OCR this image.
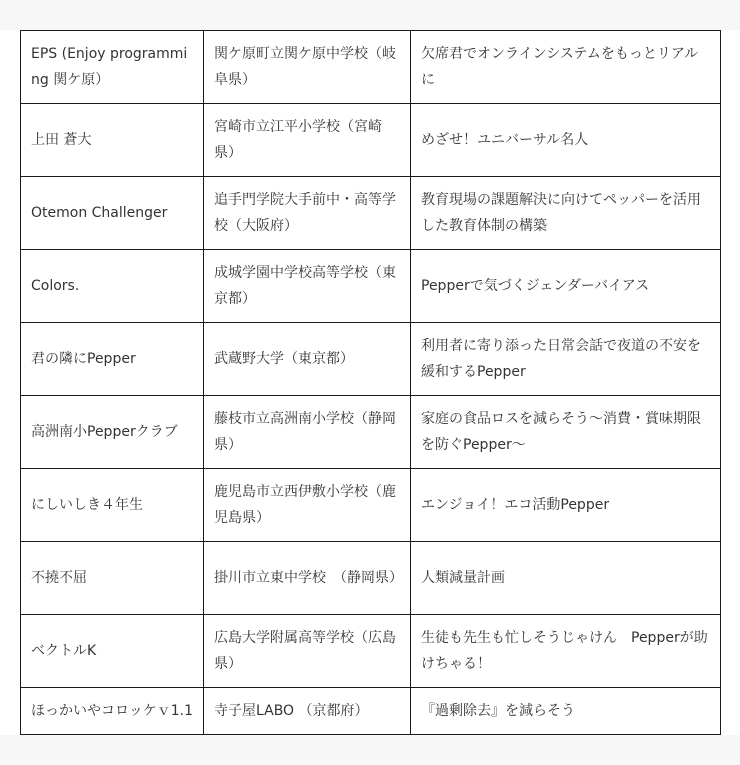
EPS (Enjoy programming 関ケ原）	関ケ原町立関ケ原中学校（岐阜県）	欠席君でオンラインシステムをもっとリアルに
上田 蒼大	宮崎市立江平小学校（宮崎県）	めざせ！ユニバーサル名人
Otemon Challenger	追手門学院大手前中・高等学校（大阪府）	教育現場の課題解決に向けてペッパーを活用した教育体制の構築
Colors.	成城学園中学校高等学校（東京都）	Pepperで気づくジェンダーバイアス
君の隣にPepper	武蔵野大学（東京都）	利用者に寄り添った日常会話で夜道の不安を緩和するPepper
高洲南小Pepperクラブ	藤枝市立高洲南小学校（静岡県）	家庭の食品ロスを減らそう〜消費・賞味期限を防ぐPepper〜
にしいしき４年生	鹿児島市立西伊敷小学校（鹿児島県）	エンジョイ！エコ活動Pepper
不撓不屈	掛川市立東中学校　（静岡県）	人類減量計画
ベクトルK	広島大学附属高等学校（広島県）	生徒も先生も忙しそうじゃけん　Pepperが助けちゃる！
ほっかいやコロッケｖ1.1	寺子屋LABO （京都府）	『過剰除去』を減らそう
